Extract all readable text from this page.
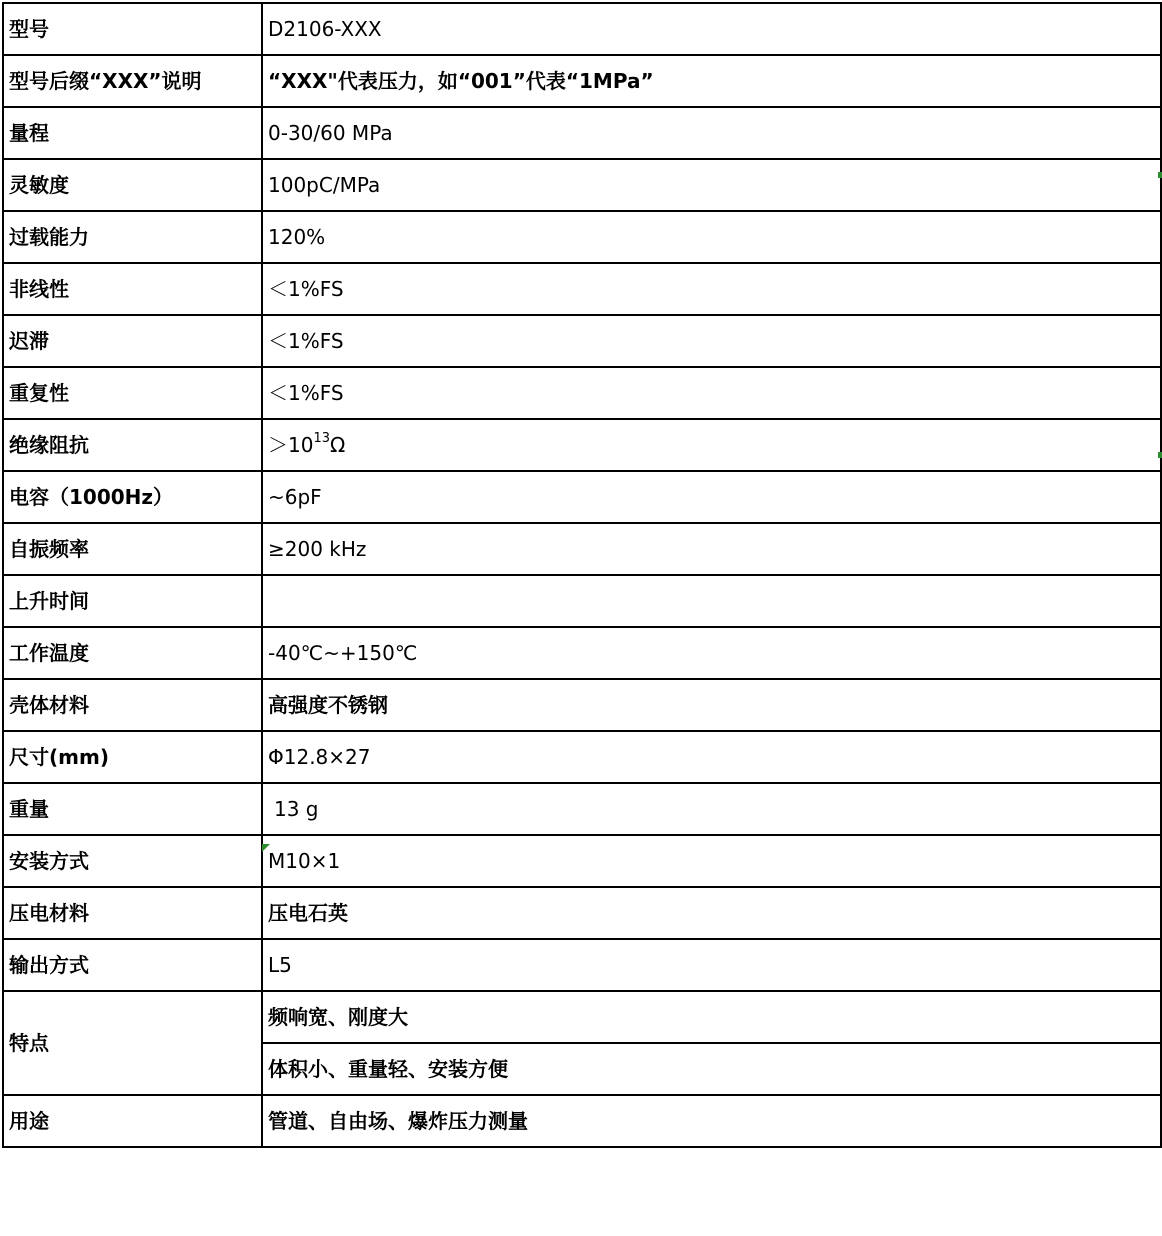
型号	D2106-XXX
型号后缀“XXX”说明	“XXX"代表压力，如“001”代表“1MPa”
量程	0-30/60 MPa
灵敏度	100pC/MPa
过载能力	120%
非线性	＜1%FS
迟滞	＜1%FS
重复性	＜1%FS
绝缘阻抗	$>10^{13}\Omega$
电容（1000Hz）	~6pF
自振频率	≥200 kHz
上升时间	
工作温度	-40℃~+150℃
壳体材料	高强度不锈钢
尺寸(mm)	Φ12.8×27
重量	13 g
安装方式	M10×1
压电材料	压电石英
输出方式	L5
特点	频响宽、刚度大
	体积小、重量轻、安装方便
用途	管道、自由场、爆炸压力测量
